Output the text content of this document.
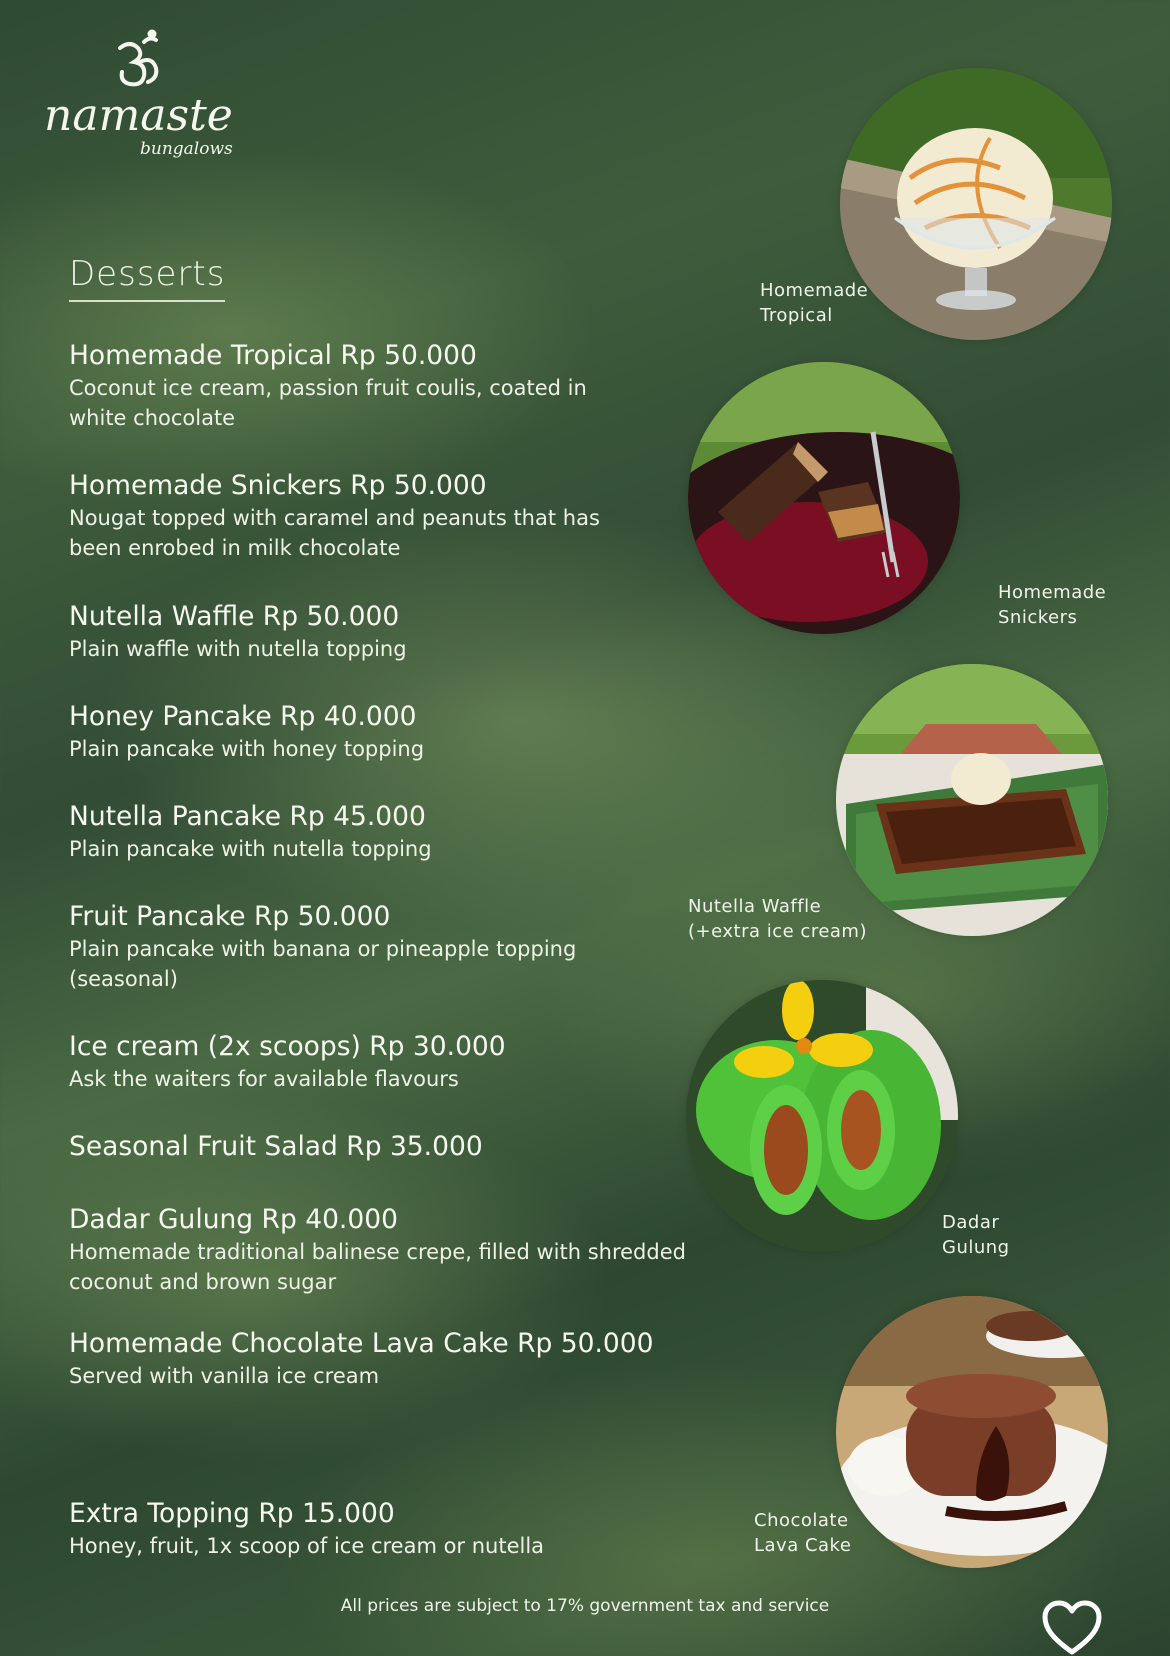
namaste
bungalows
Desserts
Homemade Tropical Rp 50.000
Coconut ice cream, passion fruit coulis, coated in white chocolate
Homemade Snickers Rp 50.000
Nougat topped with caramel and peanuts that has been enrobed in milk chocolate
Nutella Waffle Rp 50.000
Plain waffle with nutella topping
Honey Pancake Rp 40.000
Plain pancake with honey topping
Nutella Pancake Rp 45.000
Plain pancake with nutella topping
Fruit Pancake Rp 50.000
Plain pancake with banana or pineapple topping (seasonal)
Ice cream (2x scoops) Rp 30.000
Ask the waiters for available flavours
Seasonal Fruit Salad Rp 35.000
Dadar Gulung Rp 40.000
Homemade traditional balinese crepe, filled with shredded coconut and brown sugar
Homemade Chocolate Lava Cake Rp 50.000
Served with vanilla ice cream
Extra Topping Rp 15.000
Honey, fruit, 1x scoop of ice cream or nutella
Homemade
Tropical
Homemade
Snickers
Nutella Waffle
(+extra ice cream)
Dadar
Gulung
Chocolate
Lava Cake
All prices are subject to 17% government tax and service
